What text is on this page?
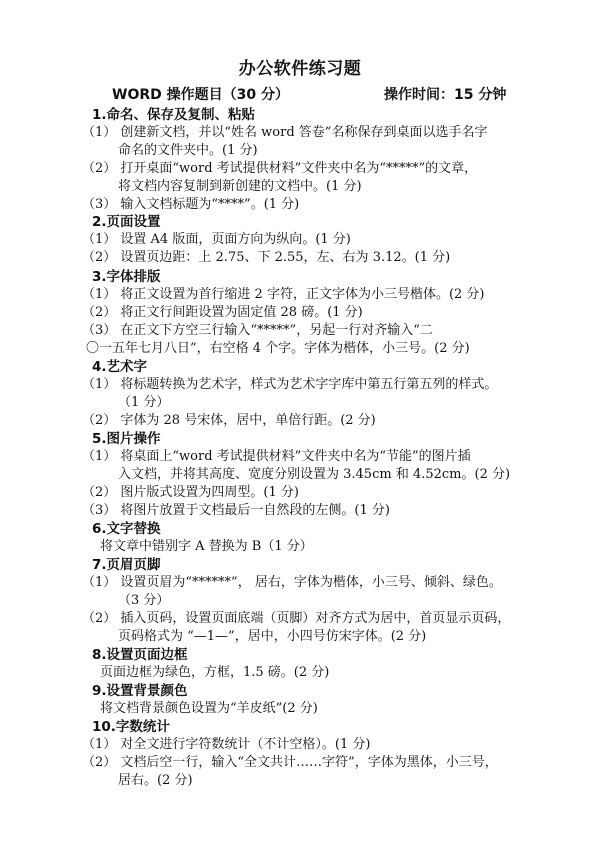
办公软件练习题
WORD 操作题目（30 分）	操作时间：15 分钟
1.命名、保存及复制、粘贴
（1） 创建新文档，并以“姓名 word 答卷”名称保存到桌面以选手名字
命名的文件夹中。(1 分)
（2） 打开桌面“word 考试提供材料”文件夹中名为“*****”的文章，
将文档内容复制到新创建的文档中。(1 分)
（3） 输入文档标题为“****”。(1 分)
2.页面设置
（1） 设置 A4 版面，页面方向为纵向。(1 分)
（2） 设置页边距：上 2.75、下 2.55，左、右为 3.12。(1 分)
3.字体排版
（1） 将正文设置为首行缩进 2 字符，正文字体为小三号楷体。(2 分)
（2） 将正文行间距设置为固定值 28 磅。(1 分)
（3） 在正文下方空三行输入“*****”，另起一行对齐输入“二
〇一五年七月八日”，右空格 4 个字。字体为楷体，小三号。(2 分)
4.艺术字
（1） 将标题转换为艺术字，样式为艺术字字库中第五行第五列的样式。
（1 分）
（2） 字体为 28 号宋体，居中，单倍行距。(2 分)
5.图片操作
（1） 将桌面上“word 考试提供材料”文件夹中名为“节能”的图片插
入文档，并将其高度、宽度分别设置为 3.45cm 和 4.52cm。(2 分)
（2） 图片版式设置为四周型。(1 分)
（3） 将图片放置于文档最后一自然段的左侧。(1 分)
6.文字替换
将文章中错别字 A 替换为 B（1 分）
7.页眉页脚
（1） 设置页眉为“******”， 居右，字体为楷体，小三号、倾斜、绿色。
（3 分）
（2） 插入页码，设置页面底端（页脚）对齐方式为居中，首页显示页码，
页码格式为 “—1—”，居中，小四号仿宋字体。(2 分)
8.设置页面边框
页面边框为绿色，方框，1.5 磅。(2 分)
9.设置背景颜色
将文档背景颜色设置为“羊皮纸”(2 分)
10.字数统计
（1） 对全文进行字符数统计（不计空格）。(1 分)
（2） 文档后空一行，输入“全文共计……字符”，字体为黑体，小三号，
居右。(2 分)
